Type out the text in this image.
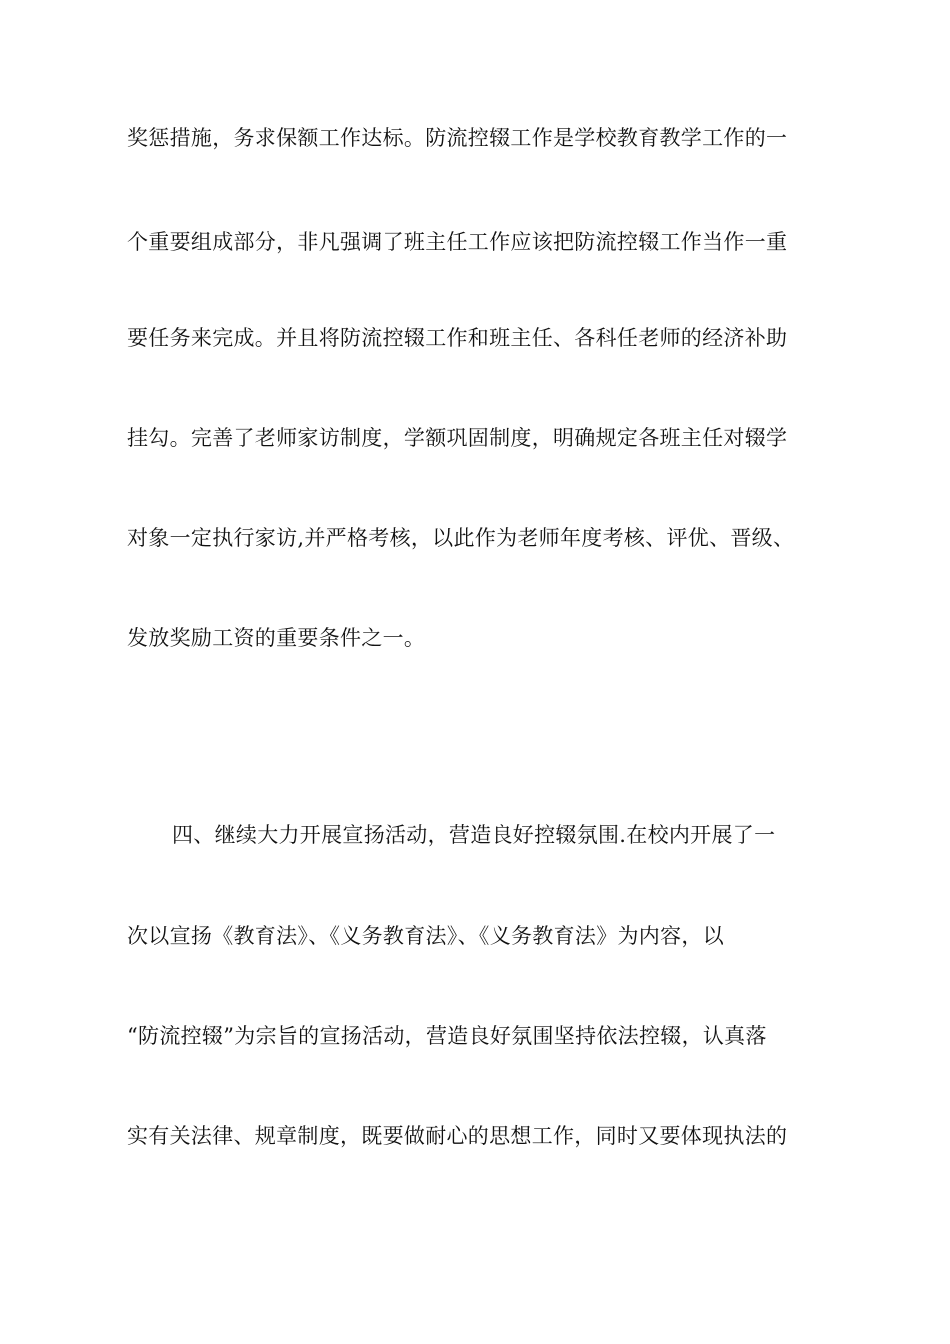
奖惩措施，务求保额工作达标。防流控辍工作是学校教育教学工作的一
个重要组成部分，非凡强调了班主任工作应该把防流控辍工作当作一重
要任务来完成。并且将防流控辍工作和班主任、各科任老师的经济补助
挂勾。完善了老师家访制度，学额巩固制度，明确规定各班主任对辍学
对象一定执行家访,并严格考核，以此作为老师年度考核、评优、晋级、
发放奖励工资的重要条件之一。
四、继续大力开展宣扬活动，营造良好控辍氛围.在校内开展了一
次以宣扬《教育法》、《义务教育法》、《义务教育法》为内容，以
“防流控辍”为宗旨的宣扬活动，营造良好氛围坚持依法控辍，认真落
实有关法律、规章制度，既要做耐心的思想工作，同时又要体现执法的
